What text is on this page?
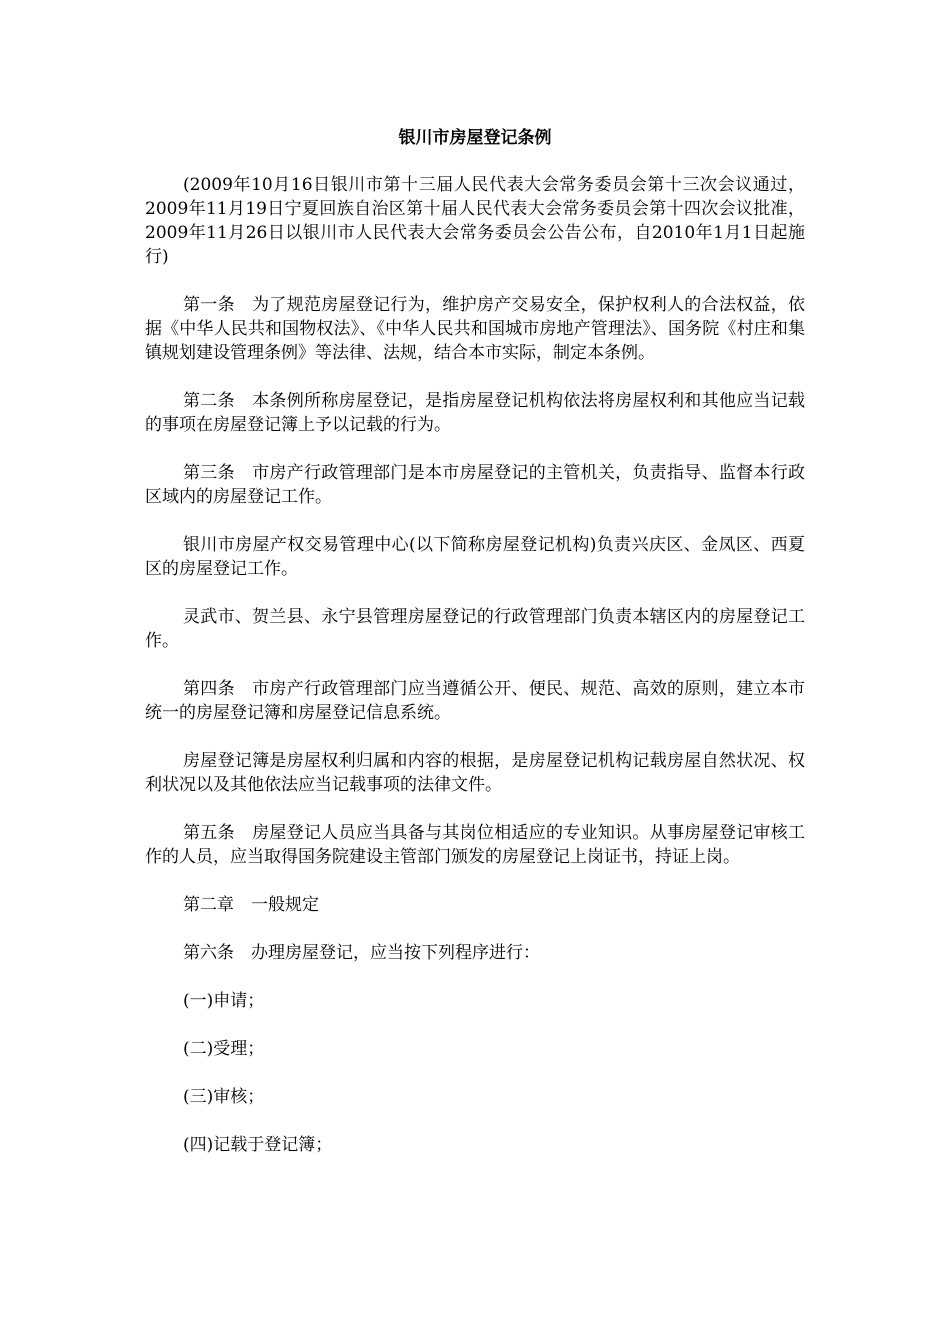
银川市房屋登记条例

(2009年10月16日银川市第十三届人民代表大会常务委员会第十三次会议通过，2009年11月19日宁夏回族自治区第十届人民代表大会常务委员会第十四次会议批准，2009年11月26日以银川市人民代表大会常务委员会公告公布，自2010年1月1日起施行)

第一条　为了规范房屋登记行为，维护房产交易安全，保护权利人的合法权益，依据《中华人民共和国物权法》、《中华人民共和国城市房地产管理法》、国务院《村庄和集镇规划建设管理条例》等法律、法规，结合本市实际，制定本条例。

第二条　本条例所称房屋登记，是指房屋登记机构依法将房屋权利和其他应当记载的事项在房屋登记簿上予以记载的行为。

第三条　市房产行政管理部门是本市房屋登记的主管机关，负责指导、监督本行政区域内的房屋登记工作。

银川市房屋产权交易管理中心(以下简称房屋登记机构)负责兴庆区、金凤区、西夏区的房屋登记工作。

灵武市、贺兰县、永宁县管理房屋登记的行政管理部门负责本辖区内的房屋登记工作。

第四条　市房产行政管理部门应当遵循公开、便民、规范、高效的原则，建立本市统一的房屋登记簿和房屋登记信息系统。

房屋登记簿是房屋权利归属和内容的根据，是房屋登记机构记载房屋自然状况、权利状况以及其他依法应当记载事项的法律文件。

第五条　房屋登记人员应当具备与其岗位相适应的专业知识。从事房屋登记审核工作的人员，应当取得国务院建设主管部门颁发的房屋登记上岗证书，持证上岗。

第二章　一般规定

第六条　办理房屋登记，应当按下列程序进行：

(一)申请；

(二)受理；

(三)审核；

(四)记载于登记簿；
